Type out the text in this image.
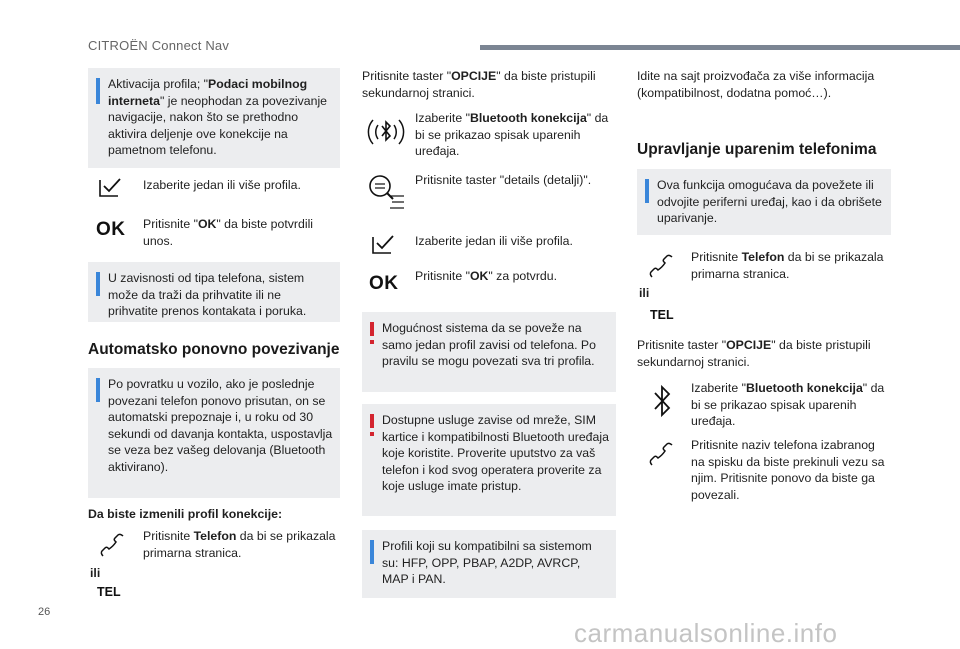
CITROËN Connect Nav
Aktivacija profila; "Podaci mobilnog interneta" je neophodan za povezivanje navigacije, nakon što se prethodno aktivira deljenje ove konekcije na pametnom telefonu.
Izaberite jedan ili više profila.
OK Pritisnite "OK" da biste potvrdili unos.
U zavisnosti od tipa telefona, sistem može da traži da prihvatite ili ne prihvatite prenos kontakata i poruka.
Automatsko ponovno povezivanje
Po povratku u vozilo, ako je poslednje povezani telefon ponovo prisutan, on se automatski prepoznaje i, u roku od 30 sekundi od davanja kontakta, uspostavlja se veza bez vašeg delovanja (Bluetooth aktivirano).
Da biste izmenili profil konekcije:
Pritisnite Telefon da bi se prikazala primarna stranica.
ili
TEL
Pritisnite taster "OPCIJE" da biste pristupili sekundarnoj stranici.
Izaberite "Bluetooth konekcija" da bi se prikazao spisak uparenih uređaja.
Pritisnite taster "details (detalji)".
Izaberite jedan ili više profila.
OK Pritisnite "OK" za potvrdu.
Mogućnost sistema da se poveže na samo jedan profil zavisi od telefona. Po pravilu se mogu povezati sva tri profila.
Dostupne usluge zavise od mreže, SIM kartice i kompatibilnosti Bluetooth uređaja koje koristite. Proverite uputstvo za vaš telefon i kod svog operatera proverite za koje usluge imate pristup.
Profili koji su kompatibilni sa sistemom su: HFP, OPP, PBAP, A2DP, AVRCP, MAP i PAN.
Idite na sajt proizvođača za više informacija (kompatibilnost, dodatna pomoć…).
Upravljanje uparenim telefonima
Ova funkcija omogućava da povežete ili odvojite periferni uređaj, kao i da obrišete uparivanje.
Pritisnite Telefon da bi se prikazala primarna stranica.
ili
TEL
Pritisnite taster "OPCIJE" da biste pristupili sekundarnoj stranici.
Izaberite "Bluetooth konekcija" da bi se prikazao spisak uparenih uređaja.
Pritisnite naziv telefona izabranog na spisku da biste prekinuli vezu sa njim. Pritisnite ponovo da biste ga povezali.
26
carmanualsonline.info
